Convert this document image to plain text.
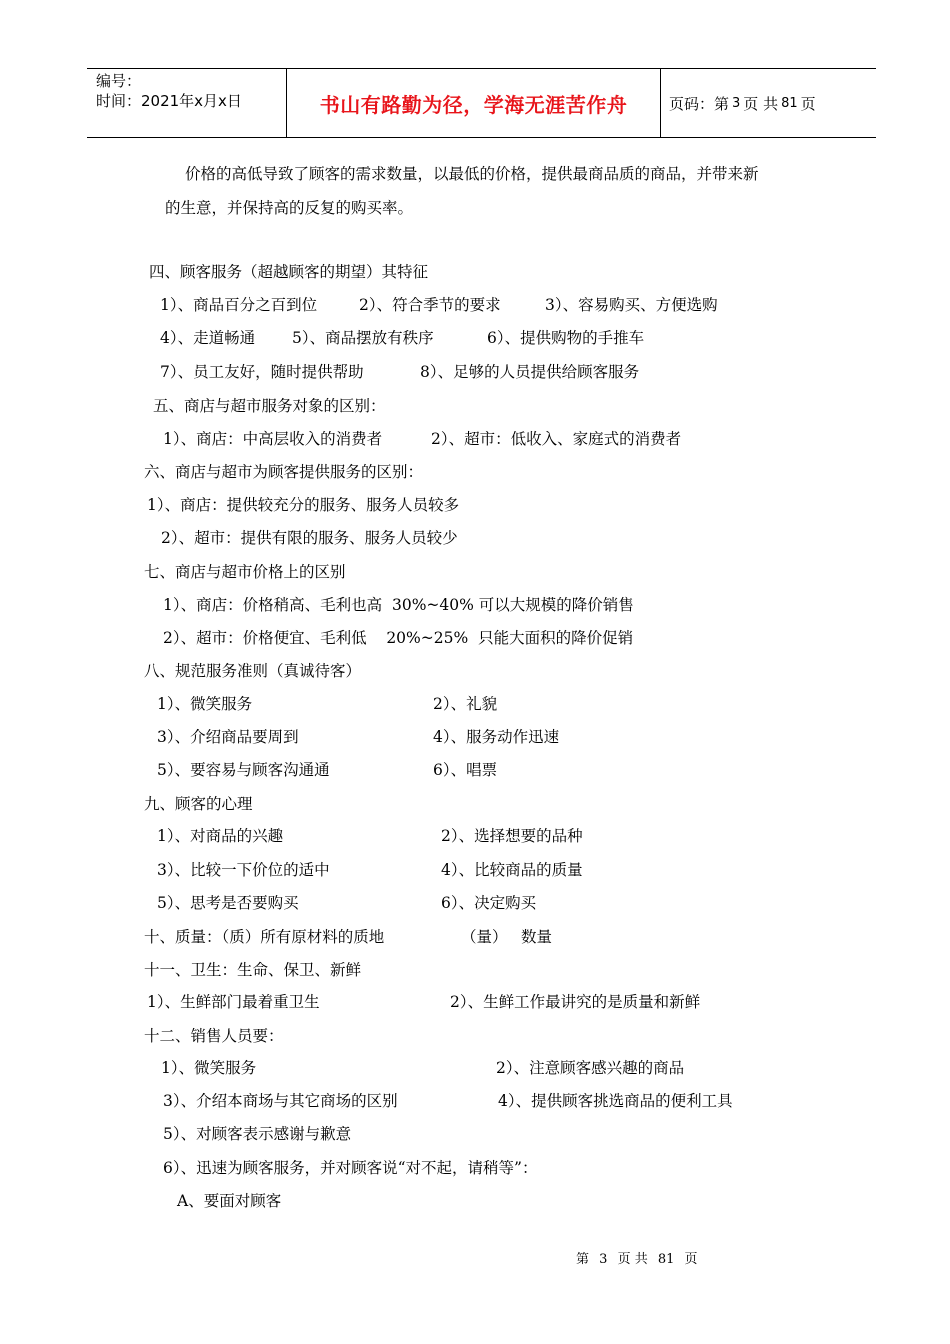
编号：
时间：2021年x月x日	书山有路勤为径，学海无涯苦作舟	页码：第 3 页 共 81 页
价格的高低导致了顾客的需求数量，以最低的价格，提供最商品质的商品，并带来新
的生意，并保持高的反复的购买率。
四、顾客服务（超越顾客的期望）其特征
1）、商品百分之百到位	2）、符合季节的要求	3）、容易购买、方便选购
4）、走道畅通 5）、商品摆放有秩序	6）、提供购物的手推车
7）、员工友好，随时提供帮助	8）、足够的人员提供给顾客服务
五、商店与超市服务对象的区别：
1）、商店：中高层收入的消费者	2）、超市：低收入、家庭式的消费者
六、商店与超市为顾客提供服务的区别：
1）、商店：提供较充分的服务、服务人员较多
2）、超市：提供有限的服务、服务人员较少
七、商店与超市价格上的区别
1）、商店：价格稍高、毛利也高  30%~40% 可以大规模的降价销售
2）、超市：价格便宜、毛利低    20%~25%  只能大面积的降价促销
八、规范服务准则（真诚待客）
1）、微笑服务	2）、礼貌
3）、介绍商品要周到	4）、服务动作迅速
5）、要容易与顾客沟通通	6）、唱票
九、顾客的心理
1）、对商品的兴趣	2）、选择想要的品种
3）、比较一下价位的适中	4）、比较商品的质量
5）、思考是否要购买	6）、决定购买
十、质量：（质）所有原材料的质地	（量） 数量
十一、卫生：生命、保卫、新鲜
1）、生鲜部门最着重卫生	2）、生鲜工作最讲究的是质量和新鲜
十二、销售人员要：
1）、微笑服务	2）、注意顾客感兴趣的商品
3）、介绍本商场与其它商场的区别	4）、提供顾客挑选商品的便利工具
5）、对顾客表示感谢与歉意
6）、迅速为顾客服务，并对顾客说“对不起，请稍等”：
A、要面对顾客
第 3 页 共 81 页
